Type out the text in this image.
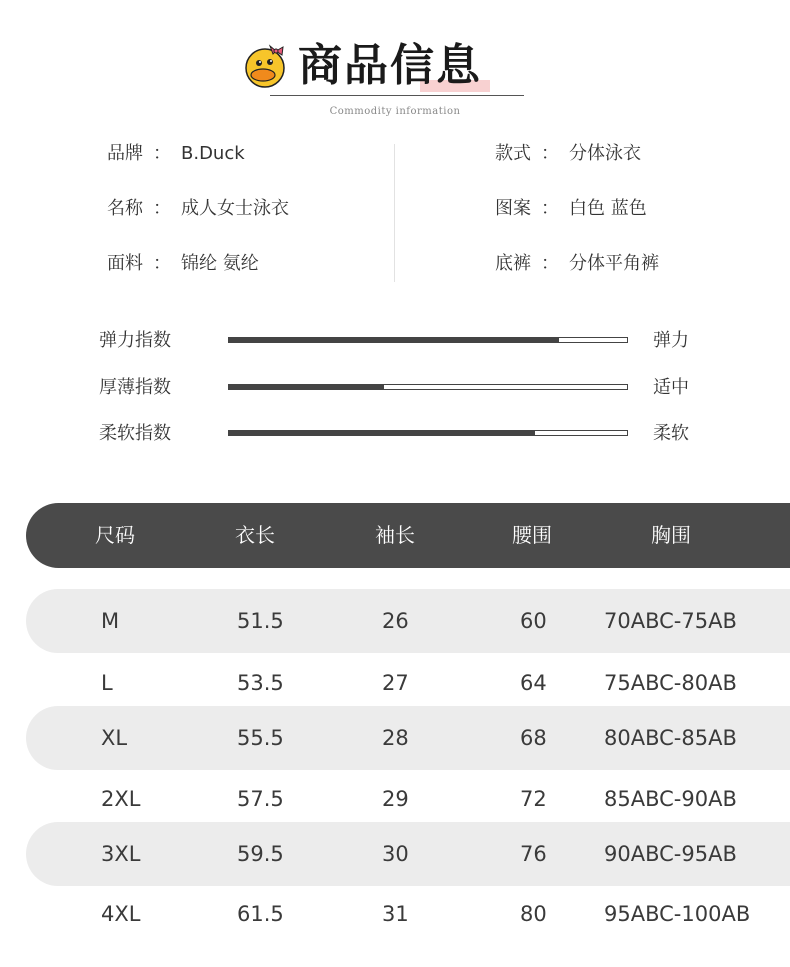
商品信息
Commodity information
品牌 ： B.Duck
名称 ： 成人女士泳衣
面料 ： 锦纶 氨纶
款式 ： 分体泳衣
图案 ： 白色 蓝色
底裤 ： 分体平角裤
弹力指数	弹力
厚薄指数	适中
柔软指数	柔软
尺码	衣长	袖长	腰围	胸围
M	51.5	26	60	70ABC-75AB
L	53.5	27	64	75ABC-80AB
XL	55.5	28	68	80ABC-85AB
2XL	57.5	29	72	85ABC-90AB
3XL	59.5	30	76	90ABC-95AB
4XL	61.5	31	80	95ABC-100AB
